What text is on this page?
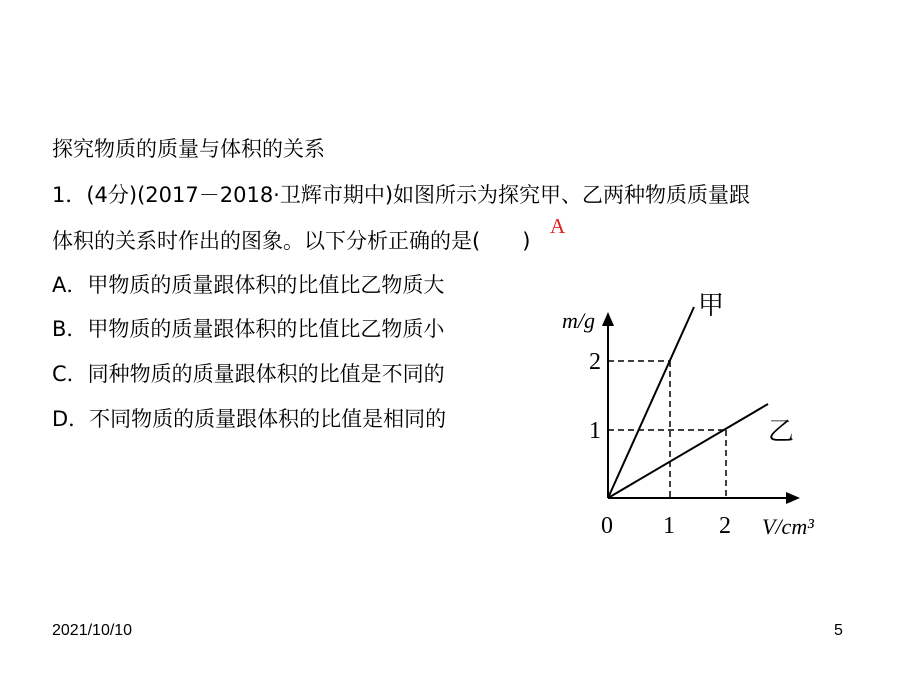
探究物质的质量与体积的关系
1．(4分)(2017－2018·卫辉市期中)如图所示为探究甲、乙两种物质质量跟
体积的关系时作出的图象。以下分析正确的是( )
A
A．甲物质的质量跟体积的比值比乙物质大
B．甲物质的质量跟体积的比值比乙物质小
C．同种物质的质量跟体积的比值是不同的
D．不同物质的质量跟体积的比值是相同的
m/g
V/cm³
0 1 2
2
1
甲
乙
2021/10/10	5
